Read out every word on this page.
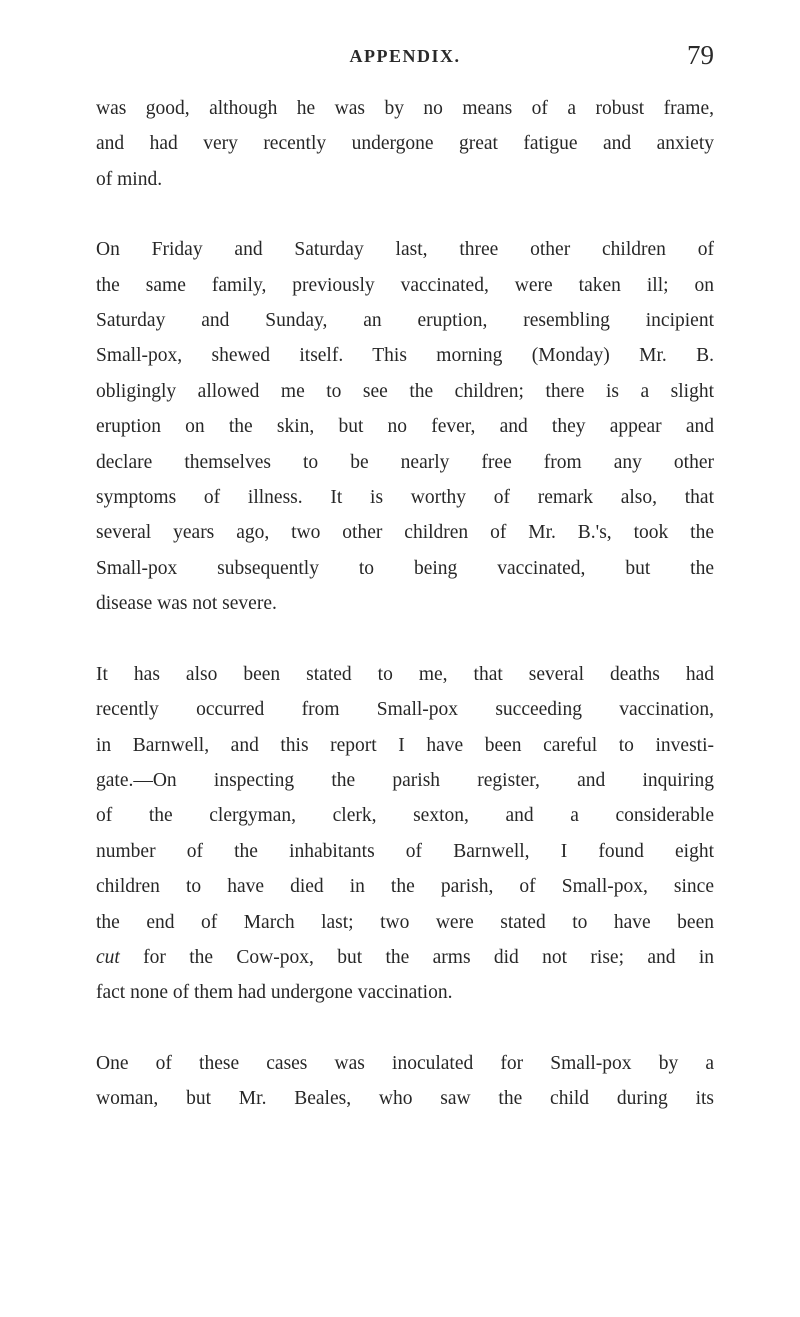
APPENDIX.	79

was good, although he was by no means of a robust frame,
and had very recently undergone great fatigue and anxiety
of mind.

On Friday and Saturday last, three other children of
the same family, previously vaccinated, were taken ill; on
Saturday and Sunday, an eruption, resembling incipient
Small-pox, shewed itself. This morning (Monday) Mr. B.
obligingly allowed me to see the children; there is a slight
eruption on the skin, but no fever, and they appear and
declare themselves to be nearly free from any other
symptoms of illness. It is worthy of remark also, that
several years ago, two other children of Mr. B.'s, took the
Small-pox subsequently to being vaccinated, but the
disease was not severe.

It has also been stated to me, that several deaths had
recently occurred from Small-pox succeeding vaccination,
in Barnwell, and this report I have been careful to investi-
gate.—On inspecting the parish register, and inquiring
of the clergyman, clerk, sexton, and a considerable
number of the inhabitants of Barnwell, I found eight
children to have died in the parish, of Small-pox, since
the end of March last; two were stated to have been
cut for the Cow-pox, but the arms did not rise; and in
fact none of them had undergone vaccination.

One of these cases was inoculated for Small-pox by a
woman, but Mr. Beales, who saw the child during its
